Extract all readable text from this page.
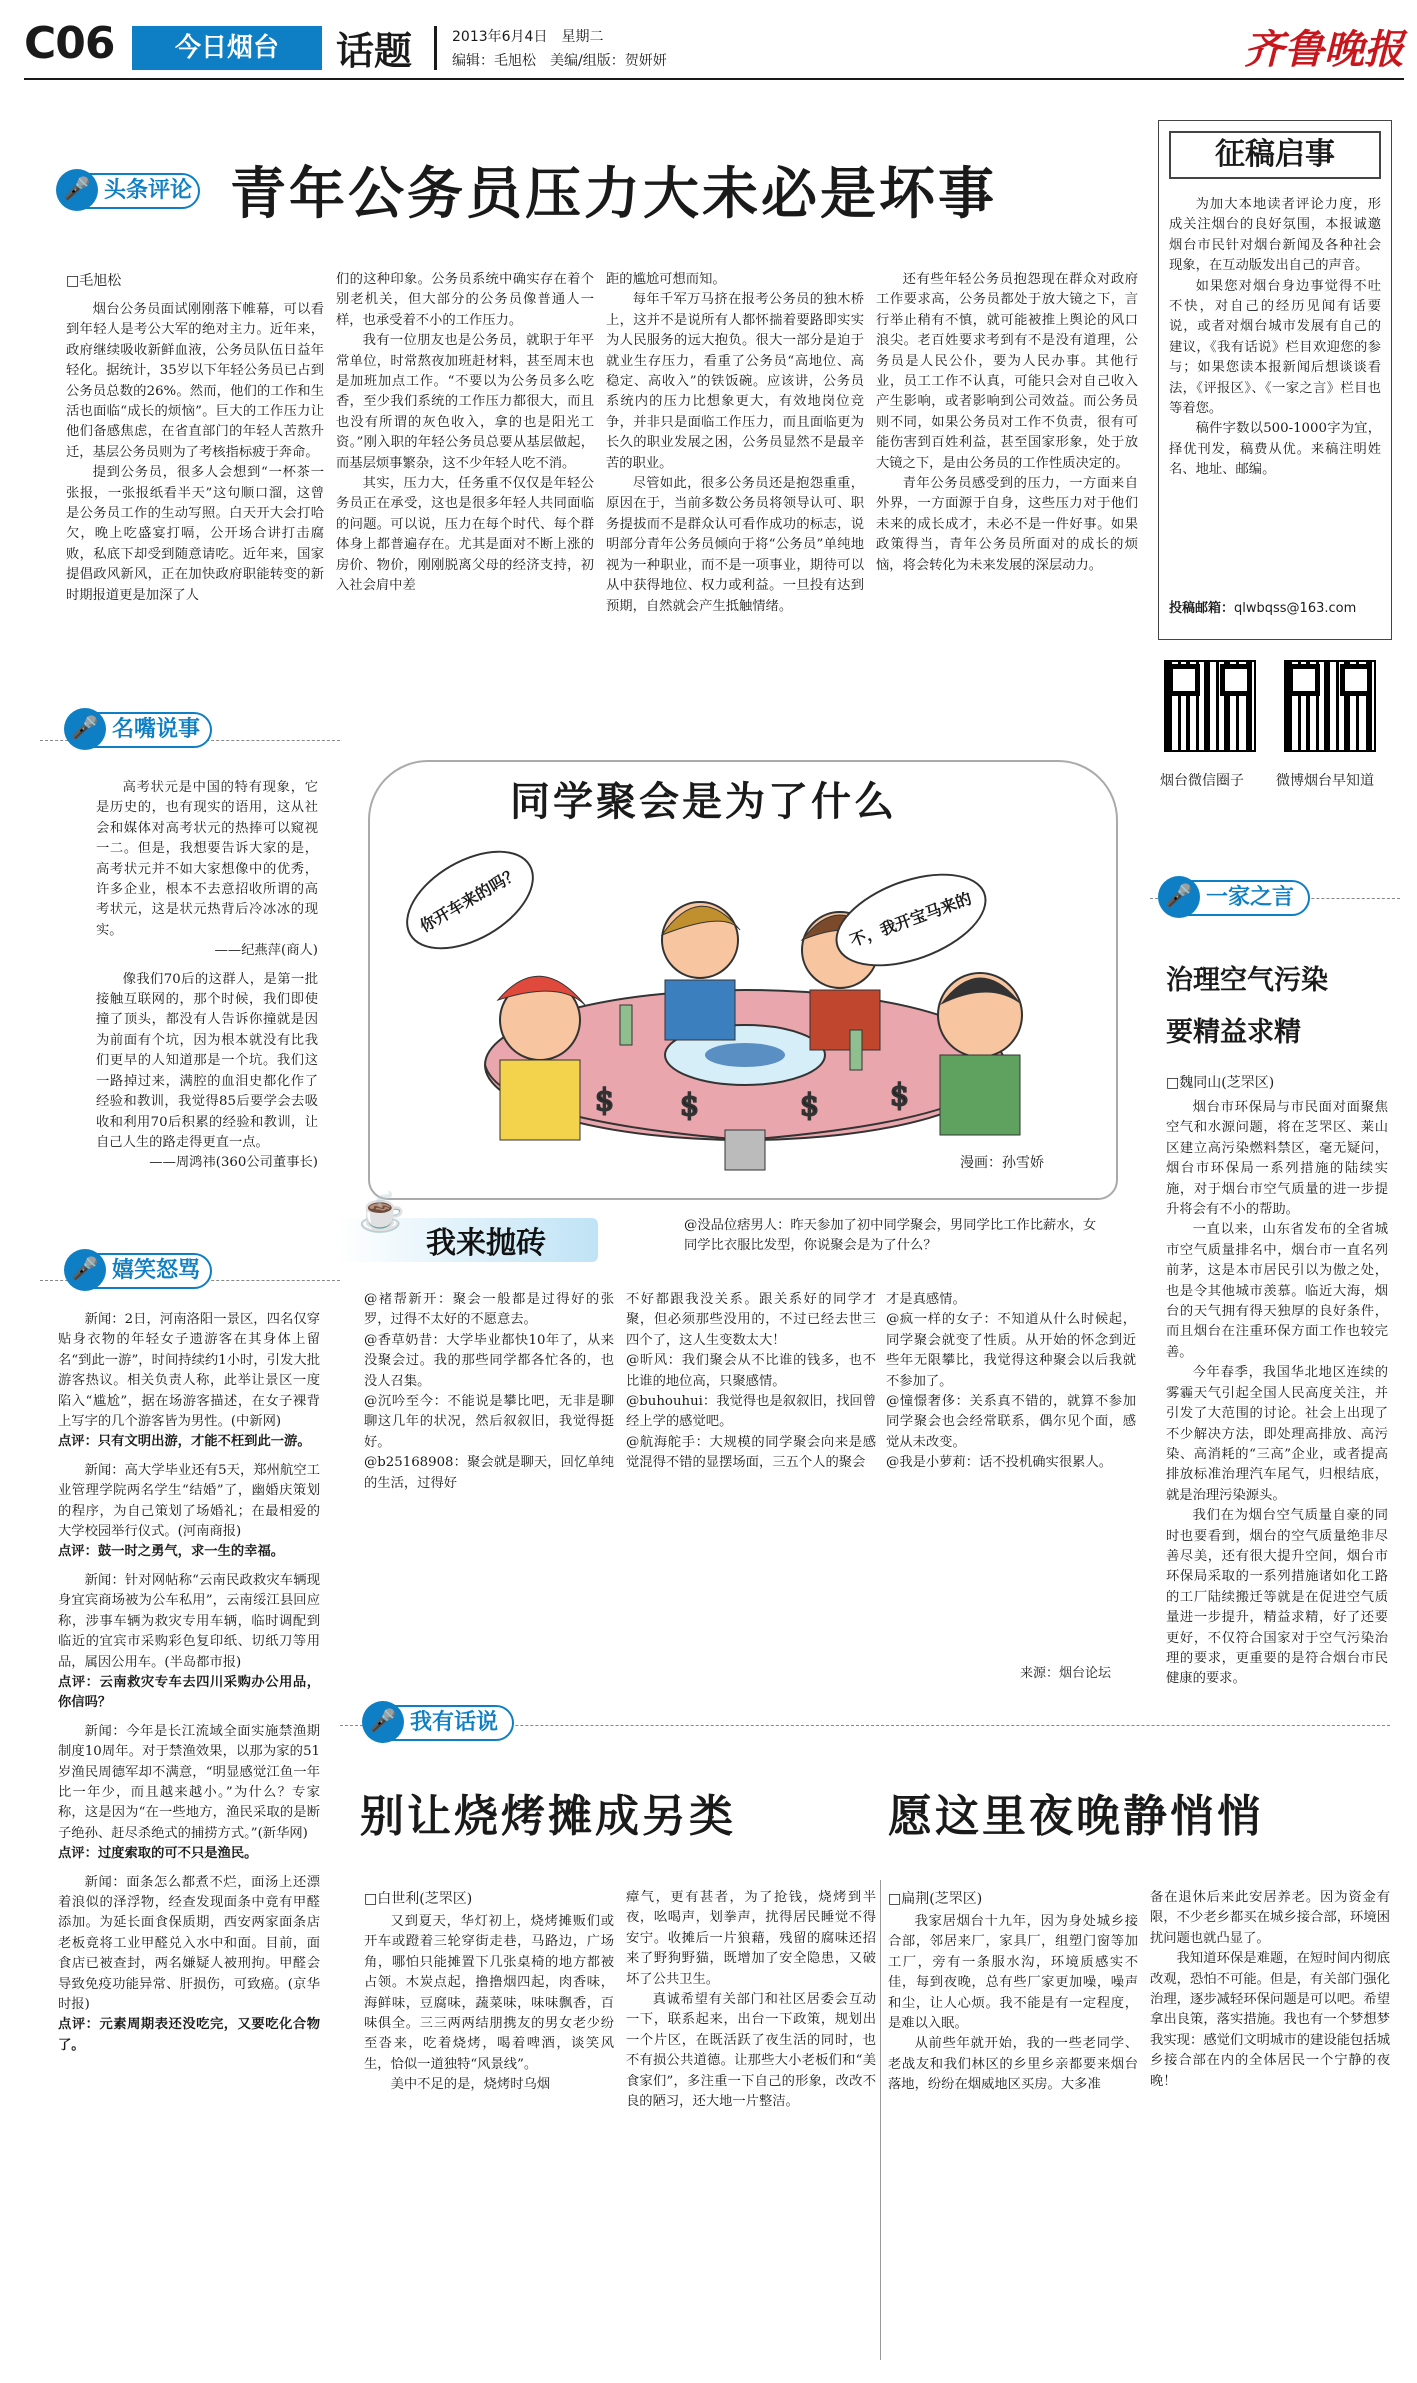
C06	今日烟台	话题	2013年6月4日　星期二
编辑：毛旭松　美编/组版：贺妍妍	齐鲁晚报
🎤 头条评论 青年公务员压力大未必是坏事
□毛旭松

烟台公务员面试刚刚落下帷幕，可以看到年轻人是考公大军的绝对主力。近年来，政府继续吸收新鲜血液，公务员队伍日益年轻化。据统计，35岁以下年轻公务员已占到公务员总数的26%。然而，他们的工作和生活也面临“成长的烦恼”。巨大的工作压力让他们备感焦虑，在省直部门的年轻人苦熬升迁，基层公务员则为了考核指标疲于奔命。

提到公务员，很多人会想到“一杯茶一张报，一张报纸看半天”这句顺口溜，这曾是公务员工作的生动写照。白天开大会打哈欠，晚上吃盛宴打嗝，公开场合讲打击腐败，私底下却受到随意请吃。近年来，国家提倡政风新风，正在加快政府职能转变的新时期报道更是加深了人

们的这种印象。公务员系统中确实存在着个别老机关，但大部分的公务员像普通人一样，也承受着不小的工作压力。

我有一位朋友也是公务员，就职于年平常单位，时常熬夜加班赶材料，甚至周末也是加班加点工作。“不要以为公务员多么吃香，至少我们系统的工作压力都很大，而且也没有所谓的灰色收入，拿的也是阳光工资。”刚入职的年轻公务员总要从基层做起，而基层烦事繁杂，这不少年轻人吃不消。

其实，压力大，任务重不仅仅是年轻公务员正在承受，这也是很多年轻人共同面临的问题。可以说，压力在每个时代、每个群体身上都普遍存在。尤其是面对不断上涨的房价、物价，刚刚脱离父母的经济支持，初入社会肩中差

距的尴尬可想而知。

每年千军万马挤在报考公务员的独木桥上，这并不是说所有人都怀揣着要路即实实为人民服务的远大抱负。很大一部分是迫于就业生存压力，看重了公务员“高地位、高稳定、高收入”的铁饭碗。应该讲，公务员系统内的压力比想象更大，有效地岗位竞争，并非只是面临工作压力，而且面临更为长久的职业发展之困，公务员显然不是最辛苦的职业。

尽管如此，很多公务员还是抱怨重重，原因在于，当前多数公务员将领导认可、职务提拔而不是群众认可看作成功的标志，说明部分青年公务员倾向于将“公务员”单纯地视为一种职业，而不是一项事业，期待可以从中获得地位、权力或利益。一旦投有达到预期，自然就会产生抵触情绪。

还有些年轻公务员抱怨现在群众对政府工作要求高，公务员都处于放大镜之下，言行举止稍有不慎，就可能被推上舆论的风口浪尖。老百姓要求考到有不是没有道理，公务员是人民公仆，要为人民办事。其他行业，员工工作不认真，可能只会对自己收入产生影响，或者影响到公司效益。而公务员则不同，如果公务员对工作不负责，很有可能伤害到百姓利益，甚至国家形象，处于放大镜之下，是由公务员的工作性质决定的。

青年公务员感受到的压力，一方面来自外界，一方面源于自身，这些压力对于他们未来的成长成才，未必不是一件好事。如果政策得当，青年公务员所面对的成长的烦恼，将会转化为未来发展的深层动力。

征稿启事

为加大本地读者评论力度，形成关注烟台的良好氛围，本报诚邀烟台市民针对烟台新闻及各种社会现象，在互动版发出自己的声音。

如果您对烟台身边事觉得不吐不快，对自己的经历见闻有话要说，或者对烟台城市发展有自己的建议，《我有话说》栏目欢迎您的参与；如果您读本报新闻后想谈谈看法，《评报区》、《一家之言》栏目也等着您。

稿件字数以500-1000字为宜，择优刊发，稿费从优。来稿注明姓名、地址、邮编。

投稿邮箱：qlwbqss@163.com
烟台微信圈子 微博烟台早知道
🎤 名嘴说事

高考状元是中国的特有现象，它是历史的，也有现实的语用，这从社会和媒体对高考状元的热捧可以窥视一二。但是，我想要告诉大家的是，高考状元并不如大家想像中的优秀，许多企业，根本不去意招收所谓的高考状元，这是状元热背后冷冰冰的现实。

——纪燕萍(商人)

像我们70后的这群人，是第一批接触互联网的，那个时候，我们即使撞了顶头，都没有人告诉你撞就是因为前面有个坑，因为根本就没有比我们更早的人知道那是一个坑。我们这一路掉过来，满腔的血泪史都化作了经验和教训，我觉得85后要学会去吸收和利用70后积累的经验和教训，让自己人生的路走得更直一点。

——周鸿祎(360公司董事长)

🎤 嬉笑怒骂

新闻：2日，河南洛阳一景区，四名仅穿贴身衣物的年轻女子遗游客在其身体上留名“到此一游”，时间持续约1小时，引发大批游客热议。相关负责人称，此举让景区一度陷入“尴尬”，据在场游客描述，在女子裸背上写字的几个游客皆为男性。(中新网)

点评：只有文明出游，才能不枉到此一游。

新闻：高大学毕业还有5天，郑州航空工业管理学院两名学生“结婚”了，幽婚庆策划的程序，为自己策划了场婚礼；在最相爱的大学校园举行仪式。(河南商报)

点评：鼓一时之勇气，求一生的幸福。

新闻：针对网帖称“云南民政救灾车辆现身宜宾商场被为公车私用”，云南绥江县回应称，涉事车辆为救灾专用车辆，临时调配到临近的宜宾市采购彩色复印纸、切纸刀等用品，属因公用车。(半岛都市报)

点评：云南救灾专车去四川采购办公用品，你信吗？

新闻：今年是长江流域全面实施禁渔期制度10周年。对于禁渔效果，以那为家的51岁渔民周德军却不满意，“明显感觉江鱼一年比一年少，而且越来越小。”为什么？专家称，这是因为“在一些地方，渔民采取的是断子绝孙、赶尽杀绝式的捕捞方式。”(新华网)

点评：过度索取的可不只是渔民。

新闻：面条怎么都煮不烂，面汤上还漂着浪似的泽浮物，经查发现面条中竟有甲醛添加。为延长面食保质期，西安两家面条店老板竟将工业甲醛兑入水中和面。目前，面食店已被查封，两名嫌疑人被刑拘。甲醛会导致免疫功能异常、肝损伤，可致癌。(京华时报)

点评：元素周期表还没吃完，又要吃化合物了。

同学聚会是为了什么
$ $	$ $
你开车来的吗？	不，我开宝马来的
漫画：孙雪娇
☕
我来抛砖
@没品位痞男人：昨天参加了初中同学聚会，男同学比工作比薪水，女同学比衣服比发型，你说聚会是为了什么？

@褚帮新开：聚会一般都是过得好的张罗，过得不太好的不愿意去。

@香草奶昔：大学毕业都快10年了，从来没聚会过。我的那些同学都各忙各的，也没人召集。

@沉吟至今：不能说是攀比吧，无非是聊聊这几年的状况，然后叙叙旧，我觉得挺好。

@b25168908：聚会就是聊天，回忆单纯的生活，过得好

不好都跟我没关系。跟关系好的同学才聚，但必须那些没用的，不过已经去世三四个了，这人生变数太大！

@昕风：我们聚会从不比谁的钱多，也不比谁的地位高，只聚感情。

@buhouhui：我觉得也是叙叙旧，找回曾经上学的感觉吧。

@航海舵手：大规模的同学聚会向来是感觉混得不错的显摆场面，三五个人的聚会

才是真感情。

@疯一样的女子：不知道从什么时候起，同学聚会就变了性质。从开始的怀念到近些年无限攀比，我觉得这种聚会以后我就不参加了。

@憧憬奢侈：关系真不错的，就算不参加同学聚会也会经常联系，偶尔见个面，感觉从未改变。

@我是小萝莉：话不投机确实很累人。

来源：烟台论坛
🎤 一家之言
治理空气污染
要精益求精
□魏同山(芝罘区)

烟台市环保局与市民面对面聚焦空气和水源问题，将在芝罘区、莱山区建立高污染燃料禁区，毫无疑问，烟台市环保局一系列措施的陆续实施，对于烟台市空气质量的进一步提升将会有不小的帮助。

一直以来，山东省发布的全省城市空气质量排名中，烟台市一直名列前茅，这是本市居民引以为傲之处，也是令其他城市羡慕。临近大海，烟台的天气拥有得天独厚的良好条件，而且烟台在注重环保方面工作也较完善。

今年春季，我国华北地区连续的雾霾天气引起全国人民高度关注，并引发了大范围的讨论。社会上出现了不少解决方法，即处理高排放、高污染、高消耗的“三高”企业，或者提高排放标准治理汽车尾气，归根结底，就是治理污染源头。

我们在为烟台空气质量自豪的同时也要看到，烟台的空气质量绝非尽善尽美，还有很大提升空间，烟台市环保局采取的一系列措施诸如化工路的工厂陆续搬迁等就是在促进空气质量进一步提升，精益求精，好了还要更好，不仅符合国家对于空气污染治理的要求，更重要的是符合烟台市民健康的要求。

🎤 我有话说
别让烧烤摊成另类	愿这里夜晚静悄悄
□白世利(芝罘区)	□扁荆(芝罘区)

又到夏天，华灯初上，烧烤摊贩们或开车或蹬着三轮穿街走巷，马路边，广场角，哪怕只能摊置下几张桌椅的地方都被占领。木炭点起，撸撸烟四起，肉香味，海鲜味，豆腐味，蔬菜味，味味飘香，百味俱全。三三两两结朋携友的男女老少纷至沓来，吃着烧烤，喝着啤酒，谈笑风生，恰似一道独特“风景线”。

美中不足的是，烧烤时乌烟

瘴气，更有甚者，为了抢钱，烧烤到半夜，吆喝声，划拳声，扰得居民睡觉不得安宁。收摊后一片狼藉，残留的腐味还招来了野狗野猫，既增加了安全隐患，又破坏了公共卫生。

真诚希望有关部门和社区居委会互动一下，联系起来，出台一下政策，规划出一个片区，在既活跃了夜生活的同时，也不有损公共道德。让那些大小老板们和“美食家们”，多注重一下自己的形象，改改不良的陋习，还大地一片整洁。

我家居烟台十九年，因为身处城乡接合部，邻居来厂，家具厂，组塑门窗等加工厂，旁有一条服水沟，环境质感实不佳，每到夜晚，总有些厂家更加噪，噪声和尘，让人心烦。我不能是有一定程度，是难以入眠。

从前些年就开始，我的一些老同学、老战友和我们林区的乡里乡亲都要来烟台落地，纷纷在烟威地区买房。大多准

备在退休后来此安居养老。因为资金有限，不少老乡都买在城乡接合部，环境困扰问题也就凸显了。

我知道环保是难题，在短时间内彻底改观，恐怕不可能。但是，有关部门强化治理，逐步减轻环保问题是可以吧。希望拿出良策，落实措施。我也有一个梦想梦我实现：感觉们文明城市的建设能包括城乡接合部在内的全体居民一个宁静的夜晚！
